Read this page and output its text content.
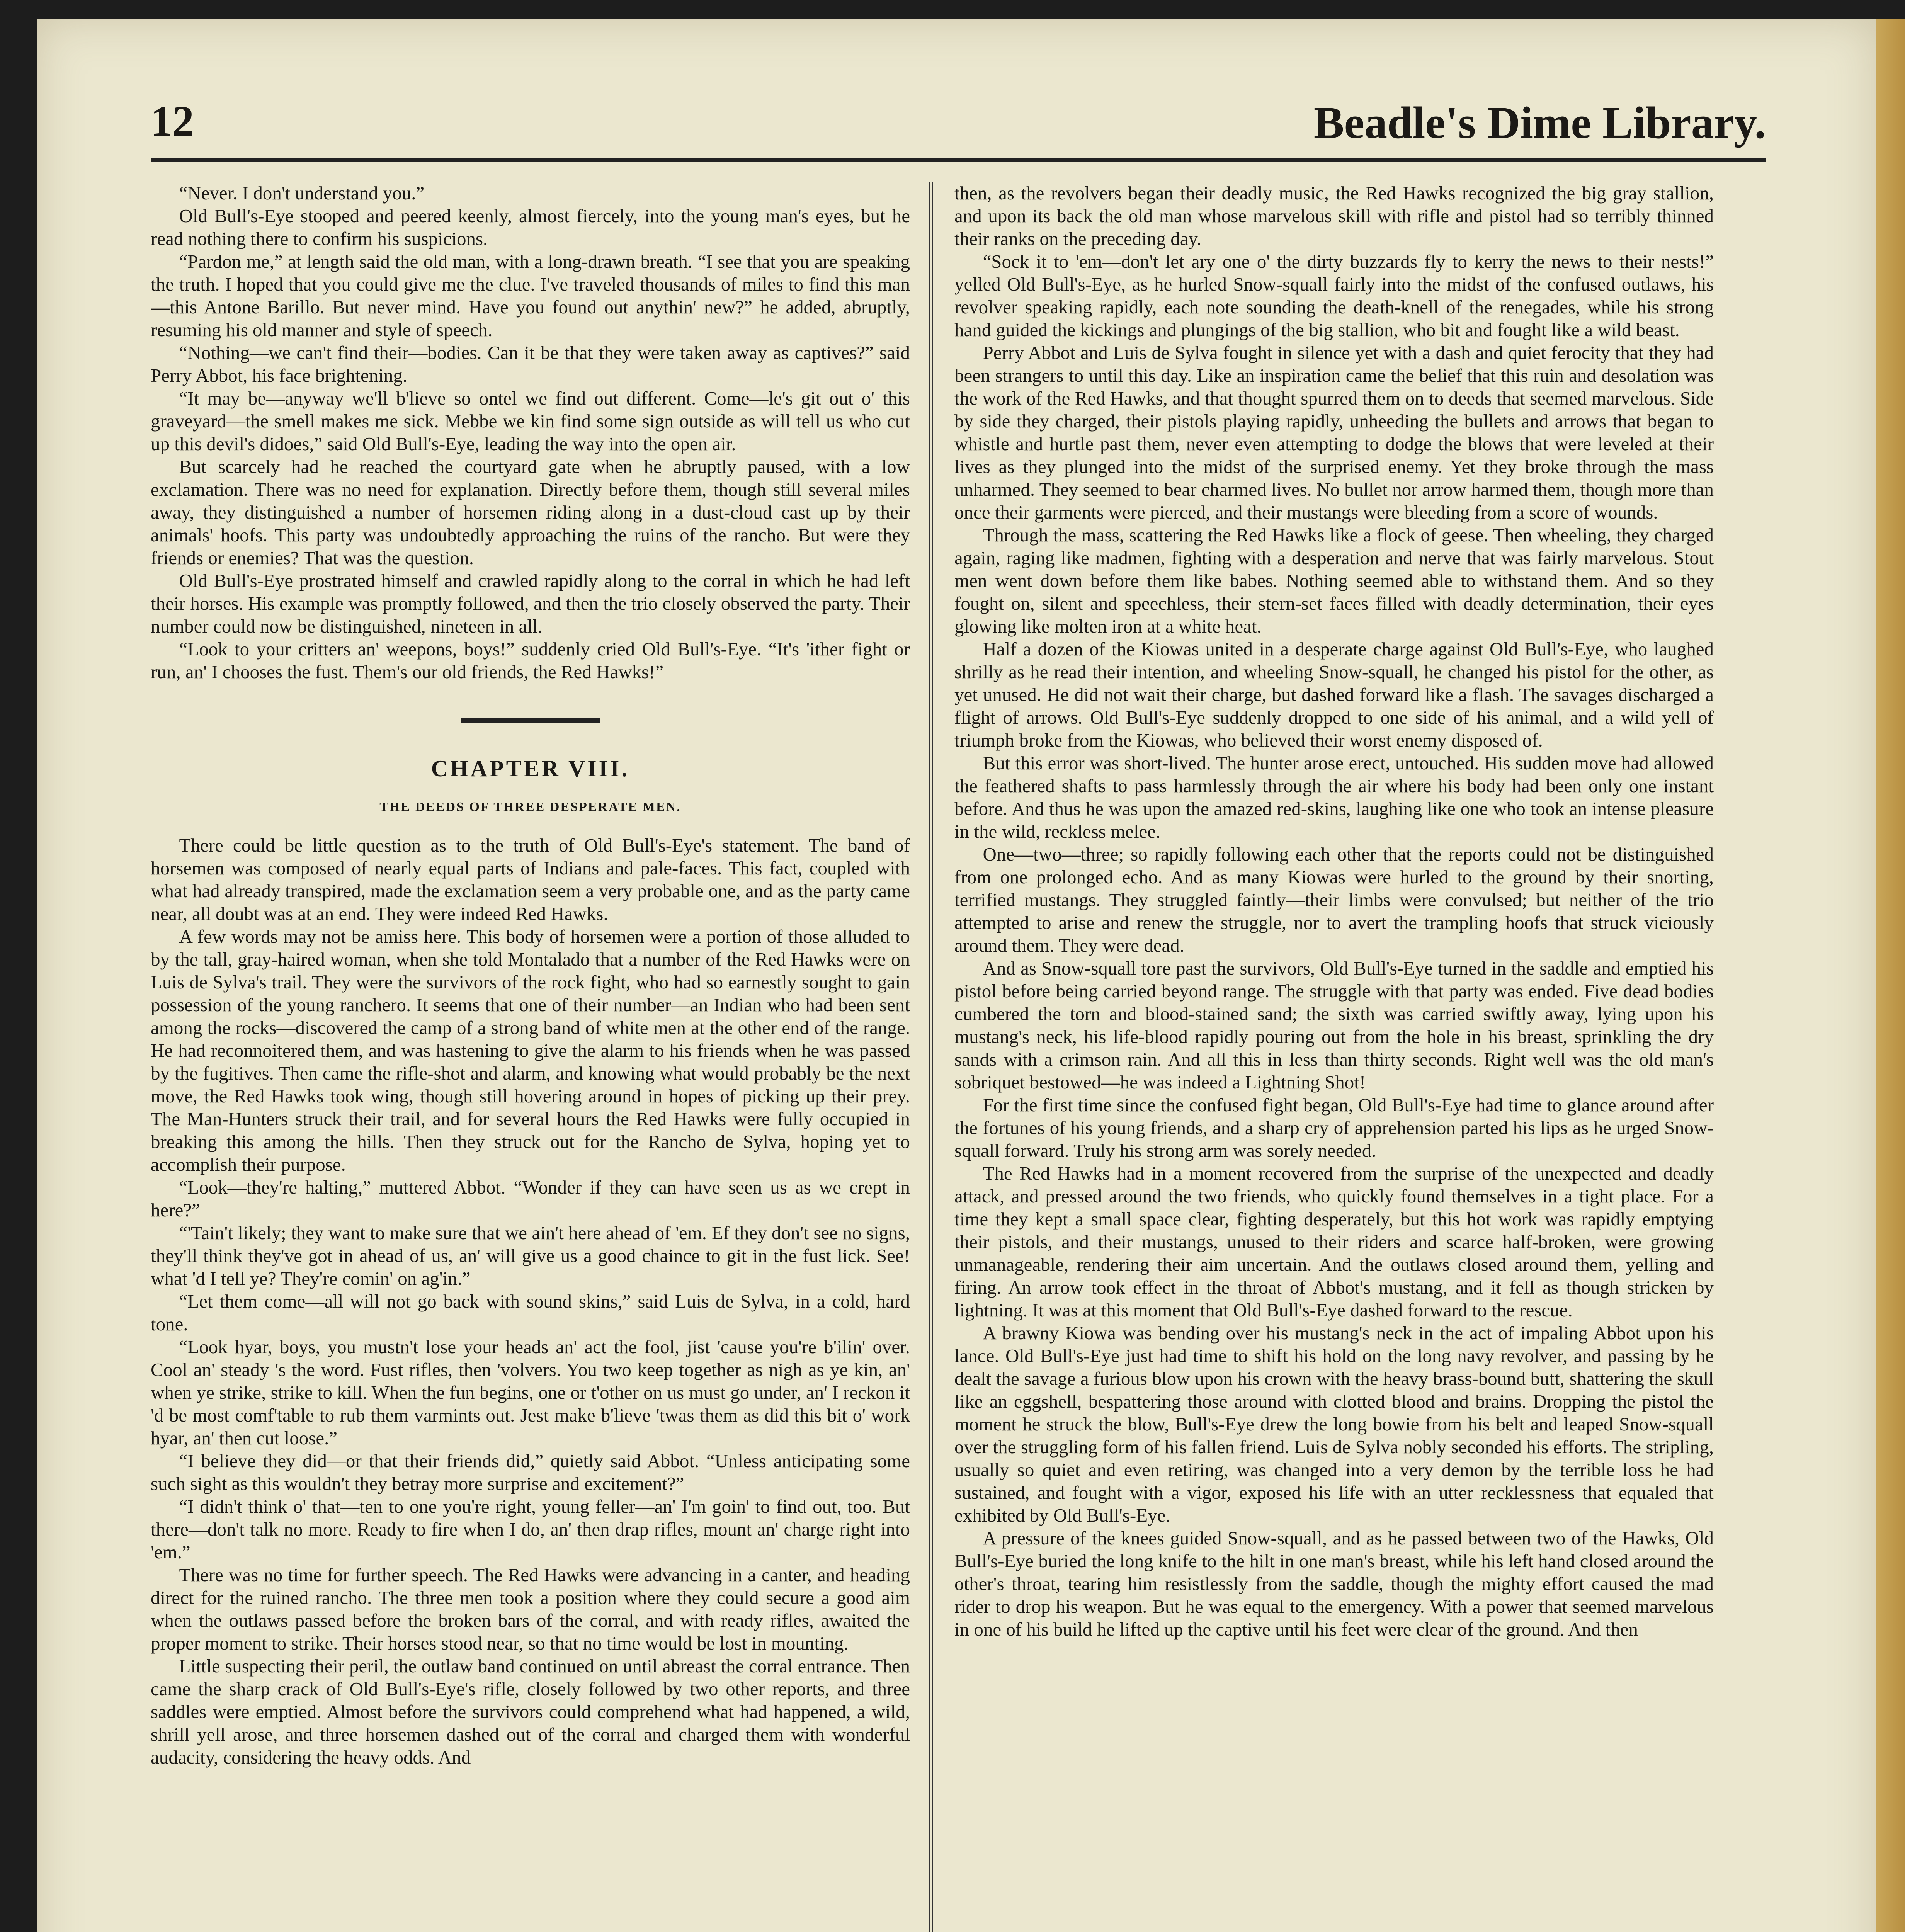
12	Beadle's Dime Library.

“Never. I don't understand you.”

Old Bull's-Eye stooped and peered keenly, almost fiercely, into the young man's eyes, but he read nothing there to confirm his suspicions.

“Pardon me,” at length said the old man, with a long-drawn breath. “I see that you are speaking the truth. I hoped that you could give me the clue. I've traveled thousands of miles to find this man—this Antone Barillo. But never mind. Have you found out anythin' new?” he added, abruptly, resuming his old manner and style of speech.

“Nothing—we can't find their—bodies. Can it be that they were taken away as captives?” said Perry Abbot, his face brightening.

“It may be—anyway we'll b'lieve so ontel we find out different. Come—le's git out o' this graveyard—the smell makes me sick. Mebbe we kin find some sign outside as will tell us who cut up this devil's didoes,” said Old Bull's-Eye, leading the way into the open air.

But scarcely had he reached the courtyard gate when he abruptly paused, with a low exclamation. There was no need for explanation. Directly before them, though still several miles away, they distinguished a number of horsemen riding along in a dust-cloud cast up by their animals' hoofs. This party was undoubtedly approaching the ruins of the rancho. But were they friends or enemies? That was the question.

Old Bull's-Eye prostrated himself and crawled rapidly along to the corral in which he had left their horses. His example was promptly followed, and then the trio closely observed the party. Their number could now be distinguished, nineteen in all.

“Look to your critters an' weepons, boys!” suddenly cried Old Bull's-Eye. “It's 'ither fight or run, an' I chooses the fust. Them's our old friends, the Red Hawks!”

CHAPTER VIII.
THE DEEDS OF THREE DESPERATE MEN.

There could be little question as to the truth of Old Bull's-Eye's statement. The band of horsemen was composed of nearly equal parts of Indians and pale-faces. This fact, coupled with what had already transpired, made the exclamation seem a very probable one, and as the party came near, all doubt was at an end. They were indeed Red Hawks.

A few words may not be amiss here. This body of horsemen were a portion of those alluded to by the tall, gray-haired woman, when she told Montalado that a number of the Red Hawks were on Luis de Sylva's trail. They were the survivors of the rock fight, who had so earnestly sought to gain possession of the young ranchero. It seems that one of their number—an Indian who had been sent among the rocks—discovered the camp of a strong band of white men at the other end of the range. He had reconnoitered them, and was hastening to give the alarm to his friends when he was passed by the fugitives. Then came the rifle-shot and alarm, and knowing what would probably be the next move, the Red Hawks took wing, though still hovering around in hopes of picking up their prey. The Man-Hunters struck their trail, and for several hours the Red Hawks were fully occupied in breaking this among the hills. Then they struck out for the Rancho de Sylva, hoping yet to accomplish their purpose.

“Look—they're halting,” muttered Abbot. “Wonder if they can have seen us as we crept in here?”

“'Tain't likely; they want to make sure that we ain't here ahead of 'em. Ef they don't see no signs, they'll think they've got in ahead of us, an' will give us a good chaince to git in the fust lick. See! what 'd I tell ye? They're comin' on ag'in.”

“Let them come—all will not go back with sound skins,” said Luis de Sylva, in a cold, hard tone.

“Look hyar, boys, you mustn't lose your heads an' act the fool, jist 'cause you're b'ilin' over. Cool an' steady 's the word. Fust rifles, then 'volvers. You two keep together as nigh as ye kin, an' when ye strike, strike to kill. When the fun begins, one or t'other on us must go under, an' I reckon it 'd be most comf'table to rub them varmints out. Jest make b'lieve 'twas them as did this bit o' work hyar, an' then cut loose.”

“I believe they did—or that their friends did,” quietly said Abbot. “Unless anticipating some such sight as this wouldn't they betray more surprise and excitement?”

“I didn't think o' that—ten to one you're right, young feller—an' I'm goin' to find out, too. But there—don't talk no more. Ready to fire when I do, an' then drap rifles, mount an' charge right into 'em.”

There was no time for further speech. The Red Hawks were advancing in a canter, and heading direct for the ruined rancho. The three men took a position where they could secure a good aim when the outlaws passed before the broken bars of the corral, and with ready rifles, awaited the proper moment to strike. Their horses stood near, so that no time would be lost in mounting.

Little suspecting their peril, the outlaw band continued on until abreast the corral entrance. Then came the sharp crack of Old Bull's-Eye's rifle, closely followed by two other reports, and three saddles were emptied. Almost before the survivors could comprehend what had happened, a wild, shrill yell arose, and three horsemen dashed out of the corral and charged them with wonderful audacity, considering the heavy odds. And

then, as the revolvers began their deadly music, the Red Hawks recognized the big gray stallion, and upon its back the old man whose marvelous skill with rifle and pistol had so terribly thinned their ranks on the preceding day.

“Sock it to 'em—don't let ary one o' the dirty buzzards fly to kerry the news to their nests!” yelled Old Bull's-Eye, as he hurled Snow-squall fairly into the midst of the confused outlaws, his revolver speaking rapidly, each note sounding the death-knell of the renegades, while his strong hand guided the kickings and plungings of the big stallion, who bit and fought like a wild beast.

Perry Abbot and Luis de Sylva fought in silence yet with a dash and quiet ferocity that they had been strangers to until this day. Like an inspiration came the belief that this ruin and desolation was the work of the Red Hawks, and that thought spurred them on to deeds that seemed marvelous. Side by side they charged, their pistols playing rapidly, unheeding the bullets and arrows that began to whistle and hurtle past them, never even attempting to dodge the blows that were leveled at their lives as they plunged into the midst of the surprised enemy. Yet they broke through the mass unharmed. They seemed to bear charmed lives. No bullet nor arrow harmed them, though more than once their garments were pierced, and their mustangs were bleeding from a score of wounds.

Through the mass, scattering the Red Hawks like a flock of geese. Then wheeling, they charged again, raging like madmen, fighting with a desperation and nerve that was fairly marvelous. Stout men went down before them like babes. Nothing seemed able to withstand them. And so they fought on, silent and speechless, their stern-set faces filled with deadly determination, their eyes glowing like molten iron at a white heat.

Half a dozen of the Kiowas united in a desperate charge against Old Bull's-Eye, who laughed shrilly as he read their intention, and wheeling Snow-squall, he changed his pistol for the other, as yet unused. He did not wait their charge, but dashed forward like a flash. The savages discharged a flight of arrows. Old Bull's-Eye suddenly dropped to one side of his animal, and a wild yell of triumph broke from the Kiowas, who believed their worst enemy disposed of.

But this error was short-lived. The hunter arose erect, untouched. His sudden move had allowed the feathered shafts to pass harmlessly through the air where his body had been only one instant before. And thus he was upon the amazed red-skins, laughing like one who took an intense pleasure in the wild, reckless melee.

One—two—three; so rapidly following each other that the reports could not be distinguished from one prolonged echo. And as many Kiowas were hurled to the ground by their snorting, terrified mustangs. They struggled faintly—their limbs were convulsed; but neither of the trio attempted to arise and renew the struggle, nor to avert the trampling hoofs that struck viciously around them. They were dead.

And as Snow-squall tore past the survivors, Old Bull's-Eye turned in the saddle and emptied his pistol before being carried beyond range. The struggle with that party was ended. Five dead bodies cumbered the torn and blood-stained sand; the sixth was carried swiftly away, lying upon his mustang's neck, his life-blood rapidly pouring out from the hole in his breast, sprinkling the dry sands with a crimson rain. And all this in less than thirty seconds. Right well was the old man's sobriquet bestowed—he was indeed a Lightning Shot!

For the first time since the confused fight began, Old Bull's-Eye had time to glance around after the fortunes of his young friends, and a sharp cry of apprehension parted his lips as he urged Snow-squall forward. Truly his strong arm was sorely needed.

The Red Hawks had in a moment recovered from the surprise of the unexpected and deadly attack, and pressed around the two friends, who quickly found themselves in a tight place. For a time they kept a small space clear, fighting desperately, but this hot work was rapidly emptying their pistols, and their mustangs, unused to their riders and scarce half-broken, were growing unmanageable, rendering their aim uncertain. And the outlaws closed around them, yelling and firing. An arrow took effect in the throat of Abbot's mustang, and it fell as though stricken by lightning. It was at this moment that Old Bull's-Eye dashed forward to the rescue.

A brawny Kiowa was bending over his mustang's neck in the act of impaling Abbot upon his lance. Old Bull's-Eye just had time to shift his hold on the long navy revolver, and passing by he dealt the savage a furious blow upon his crown with the heavy brass-bound butt, shattering the skull like an eggshell, bespattering those around with clotted blood and brains. Dropping the pistol the moment he struck the blow, Bull's-Eye drew the long bowie from his belt and leaped Snow-squall over the struggling form of his fallen friend. Luis de Sylva nobly seconded his efforts. The stripling, usually so quiet and even retiring, was changed into a very demon by the terrible loss he had sustained, and fought with a vigor, exposed his life with an utter recklessness that equaled that exhibited by Old Bull's-Eye.

A pressure of the knees guided Snow-squall, and as he passed between two of the Hawks, Old Bull's-Eye buried the long knife to the hilt in one man's breast, while his left hand closed around the other's throat, tearing him resistlessly from the saddle, though the mighty effort caused the mad rider to drop his weapon. But he was equal to the emergency. With a power that seemed marvelous in one of his build he lifted up the captive until his feet were clear of the ground. And then
